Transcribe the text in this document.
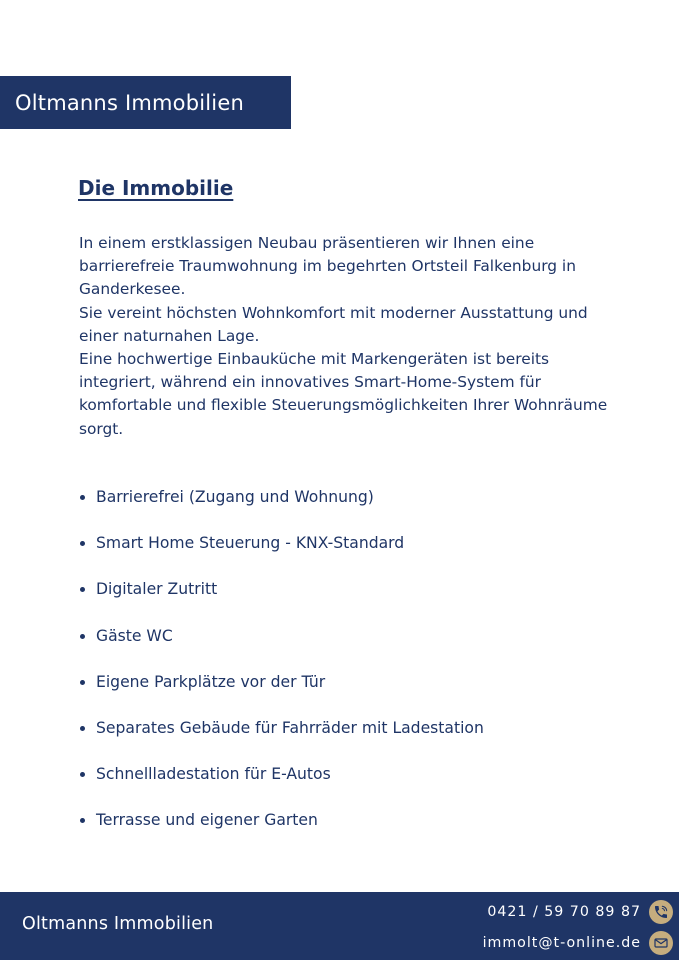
Oltmanns Immobilien
Die Immobilie

In einem erstklassigen Neubau präsentieren wir Ihnen eine barrierefreie Traumwohnung im begehrten Ortsteil Falkenburg in Ganderkesee.

Sie vereint höchsten Wohnkomfort mit moderner Ausstattung und einer naturnahen Lage.

Eine hochwertige Einbauküche mit Markengeräten ist bereits integriert, während ein innovatives Smart-Home-System für komfortable und flexible Steuerungsmöglichkeiten Ihrer Wohnräume sorgt.

Barrierefrei (Zugang und Wohnung)
Smart Home Steuerung - KNX-Standard
Digitaler Zutritt
Gäste WC
Eigene Parkplätze vor der Tür
Separates Gebäude für Fahrräder mit Ladestation
Schnellladestation für E-Autos
Terrasse und eigener Garten
Oltmanns Immobilien
0421 / 59 70 89 87
immolt@t-online.de
